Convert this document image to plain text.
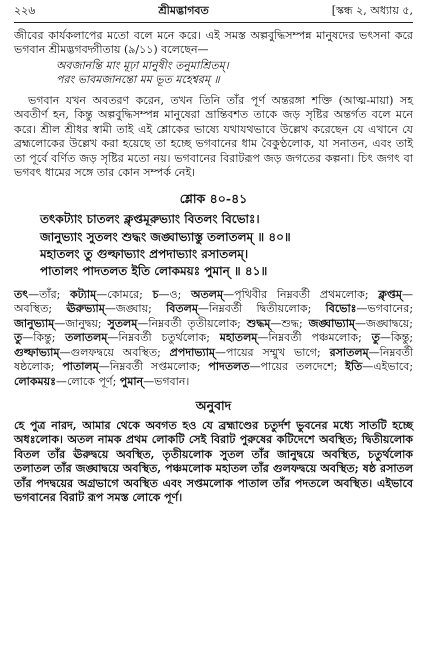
২২৬	শ্রীমদ্ভাগবত	[স্কন্ধ ২, অধ্যায় ৫,

জীবের কার্যকলাপের মতো বলে মনে করে। এই সমস্ত অল্পবুদ্ধিসম্পন্ন মানুষদের ভৎসনা করে ভগবান শ্রীমদ্ভগবদ্গীতায় (৯/১১) বলেছেন—

অবজানন্তি মাং মূঢ়া মানুষীং তনুমাশ্রিতম্।
পরং ভাবমজানন্তো মম ভূত মহেশ্বরম্ ॥

ভগবান যখন অবতরণ করেন, তখন তিনি তাঁর পূর্ণ অন্তরঙ্গা শক্তি (আত্ম-মায়া) সহ অবতীর্ণ হন, কিন্তু অল্পবুদ্ধিসম্পন্ন মানুষেরা ভ্রান্তিবশত তাকে জড় সৃষ্টির অন্তর্গত বলে মনে করে। শ্রীল শ্রীধর স্বামী তাই এই শ্লোকের ভাষ্যে যথাযথভাবে উল্লেখ করেছেন যে এখানে যে ব্রহ্মলোকের উল্লেখ করা হয়েছে তা হচ্ছে ভগবানের ধাম বৈকুণ্ঠলোক, যা সনাতন, এবং তাই তা পূর্বে বর্ণিত জড় সৃষ্টির মতো নয়। ভগবানের বিরাটরূপ জড় জগতের কল্পনা। চিৎ জগৎ বা ভগবৎ ধামের সঙ্গে তার কোন সম্পর্ক নেই।

শ্লোক ৪০-৪১
তৎকট্যাং চাতলং ক্লৃপ্তমূরুভ্যাং বিতলং বিভোঃ।
জানুভ্যাং সুতলং শুদ্ধং জঙ্ঘাভ্যাস্তু তলাতলম্ ॥ ৪০॥
মহাতলং তু গুল্ফাভ্যাং প্রপদাভ্যাং রসাতলম্।
পাতালং পাদতলত ইতি লোকময়ঃ পুমান্ ॥ ৪১॥

তৎ—তাঁর; কট্যাম্—কোমরে; চ—ও; অতলম্—পৃথিবীর নিম্নবর্তী প্রথমলোক; ক্লৃপ্তম্—অবস্থিত; ঊরুভ্যাম্—জঙ্ঘায়; বিতলম্—নিম্নবর্তী দ্বিতীয়লোক; বিভোঃ—ভগবানের; জানুভ্যাম্—জানুদ্বয়; সুতলম্—নিম্নবর্তী তৃতীয়লোক; শুদ্ধম্—শুদ্ধ; জঙ্ঘাভ্যাম্—জঙ্ঘাদ্বয়ে; তু—কিন্তু; তলাতলম্—নিম্নবর্তী চতুর্থলোক; মহাতলম্—নিম্নবর্তী পঞ্চমলোক; তু—কিন্তু; গুল্ফাভ্যাম্—গুলফদ্বয়ে অবস্থিত; প্রপদাভ্যাম্—পায়ের সম্মুখ ভাগে; রসাতলম্—নিম্নবর্তী ষষ্ঠলোক; পাতালম্—নিম্নবর্তী সপ্তমলোক; পাদতলত—পায়ের তলদেশে; ইতি—এইভাবে; লোকময়ঃ—লোকে পূর্ণ; পুমান্—ভগবান।

অনুবাদ

হে পুত্র নারদ, আমার থেকে অবগত হও যে ব্রহ্মাণ্ডের চতুর্দশ ভুবনের মধ্যে সাতটি হচ্ছে অধঃলোক। অতল নামক প্রথম লোকটি সেই বিরাট পুরুষের কটিদেশে অবস্থিত; দ্বিতীয়লোক বিতল তাঁর ঊরুদ্বয়ে অবস্থিত, তৃতীয়লোক সুতল তাঁর জানুদ্বয়ে অবস্থিত, চতুর্থলোক তলাতল তাঁর জঙ্ঘাদ্বয়ে অবস্থিত, পঞ্চমলোক মহাতল তাঁর গুলফদ্বয়ে অবস্থিত; ষষ্ঠ রসাতল তাঁর পদদ্বয়ের অগ্রভাগে অবস্থিত এবং সপ্তমলোক পাতাল তাঁর পদতলে অবস্থিত। এইভাবে ভগবানের বিরাট রূপ সমস্ত লোকে পূর্ণ।
